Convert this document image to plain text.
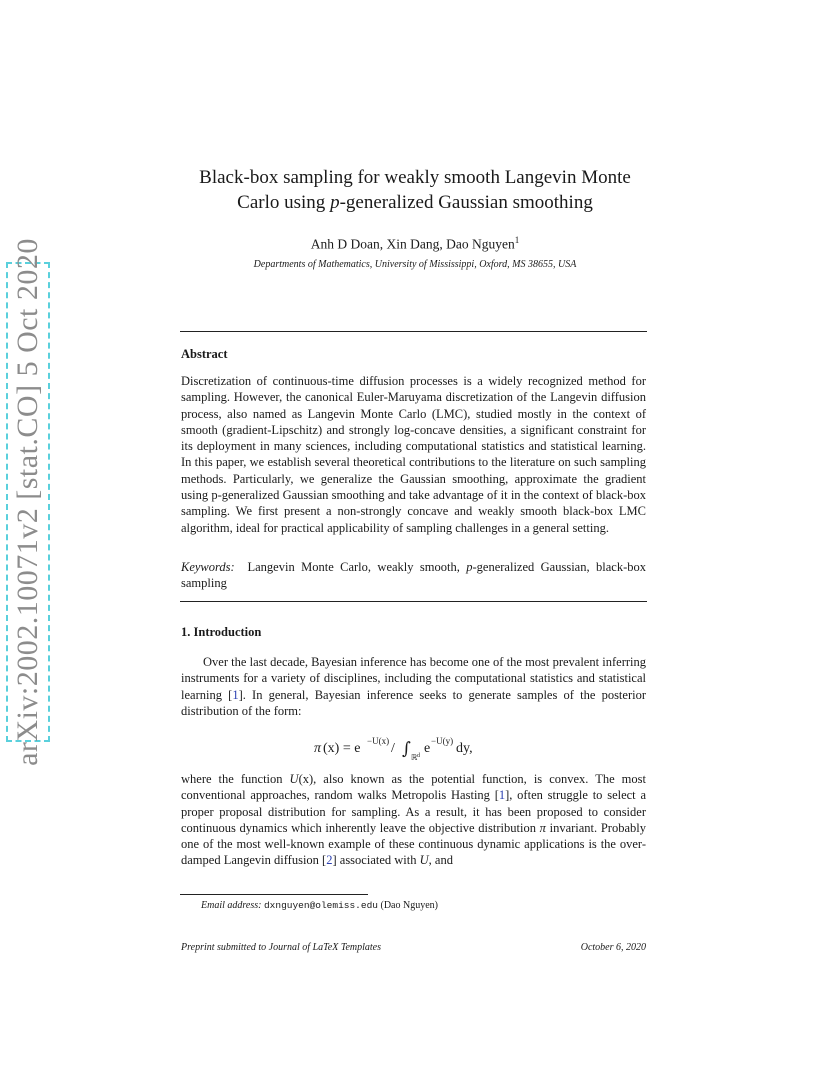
arXiv:2002.10071v2 [stat.CO] 5 Oct 2020
Black-box sampling for weakly smooth Langevin Monte
Carlo using p-generalized Gaussian smoothing
Anh D Doan, Xin Dang, Dao Nguyen$^1$
Departments of Mathematics, University of Mississippi, Oxford, MS 38655, USA
Abstract
Discretization of continuous-time diffusion processes is a widely recognized method for sampling. However, the canonical Euler-Maruyama discretization of the Langevin diffusion process, also named as Langevin Monte Carlo (LMC), studied mostly in the context of smooth (gradient-Lipschitz) and strongly log-concave densities, a significant constraint for its deployment in many sciences, including computational statistics and statistical learning. In this paper, we establish several theoretical contributions to the literature on such sampling methods. Particularly, we generalize the Gaussian smoothing, approximate the gradient using p-generalized Gaussian smoothing and take advantage of it in the context of black-box sampling. We first present a non-strongly concave and weakly smooth black-box LMC algorithm, ideal for practical applicability of sampling challenges in a general setting.
Keywords: Langevin Monte Carlo, weakly smooth, p-generalized Gaussian, black-box sampling
1. Introduction
Over the last decade, Bayesian inference has become one of the most prevalent inferring instruments for a variety of disciplines, including the computational statistics and statistical learning [1]. In general, Bayesian inference seeks to generate samples of the posterior distribution of the form:
π (x) = e −U(x) / ∫ ℝ d e −U(y) dy,
where the function U(x), also known as the potential function, is convex. The most conventional approaches, random walks Metropolis Hasting [1], often struggle to select a proper proposal distribution for sampling. As a result, it has been proposed to consider continuous dynamics which inherently leave the objective distribution π invariant. Probably one of the most well-known example of these continuous dynamic applications is the over-damped Langevin diffusion [2] associated with U, and
Email address: dxnguyen@olemiss.edu (Dao Nguyen)
Preprint submitted to Journal of LaTeX Templates	October 6, 2020
